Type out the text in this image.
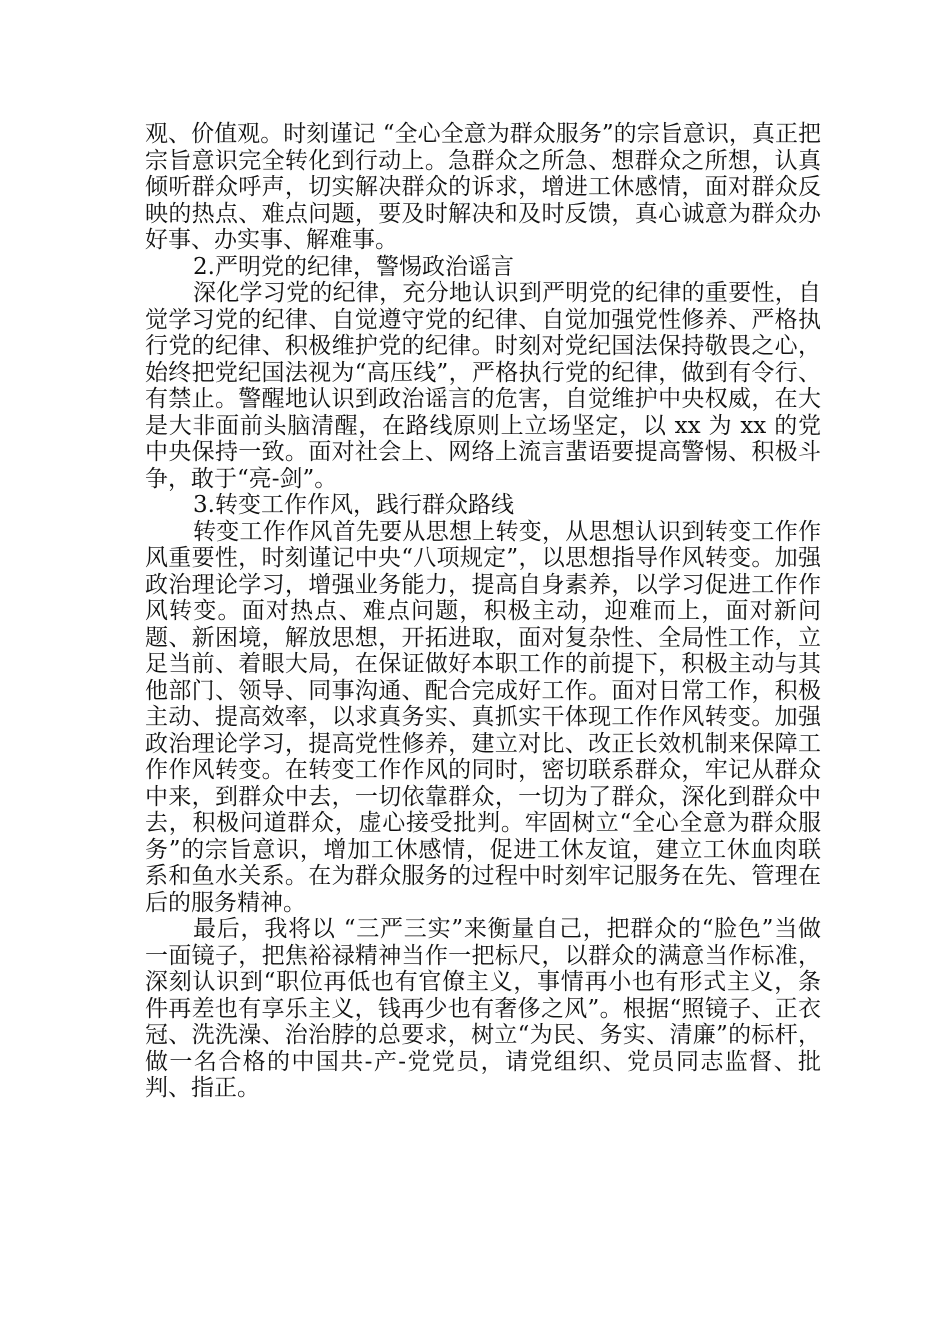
观、价值观。时刻谨记 “全心全意为群众服务”的宗旨意识，真正把宗旨意识完全转化到行动上。急群众之所急、想群众之所想，认真倾听群众呼声，切实解决群众的诉求，增进工休感情，面对群众反映的热点、难点问题，要及时解决和及时反馈，真心诚意为群众办好事、办实事、解难事。

2.严明党的纪律，警惕政治谣言

深化学习党的纪律，充分地认识到严明党的纪律的重要性，自觉学习党的纪律、自觉遵守党的纪律、自觉加强党性修养、严格执行党的纪律、积极维护党的纪律。时刻对党纪国法保持敬畏之心，始终把党纪国法视为“高压线”，严格执行党的纪律，做到有令行、有禁止。警醒地认识到政治谣言的危害，自觉维护中央权威，在大是大非面前头脑清醒，在路线原则上立场坚定，以 xx 为 xx 的党中央保持一致。面对社会上、网络上流言蜚语要提高警惕、积极斗争，敢于“亮-剑”。

3.转变工作作风，践行群众路线

转变工作作风首先要从思想上转变，从思想认识到转变工作作风重要性，时刻谨记中央“八项规定”，以思想指导作风转变。加强政治理论学习，增强业务能力，提高自身素养，以学习促进工作作风转变。面对热点、难点问题，积极主动，迎难而上，面对新问题、新困境，解放思想，开拓进取，面对复杂性、全局性工作，立足当前、着眼大局，在保证做好本职工作的前提下，积极主动与其他部门、领导、同事沟通、配合完成好工作。面对日常工作，积极主动、提高效率，以求真务实、真抓实干体现工作作风转变。加强政治理论学习，提高党性修养，建立对比、改正长效机制来保障工作作风转变。在转变工作作风的同时，密切联系群众，牢记从群众中来，到群众中去，一切依靠群众，一切为了群众，深化到群众中去，积极问道群众，虚心接受批判。牢固树立“全心全意为群众服务”的宗旨意识，增加工休感情，促进工休友谊，建立工休血肉联系和鱼水关系。在为群众服务的过程中时刻牢记服务在先、管理在后的服务精神。

最后，我将以 “三严三实”来衡量自己，把群众的“脸色”当做一面镜子，把焦裕禄精神当作一把标尺，以群众的满意当作标准，深刻认识到“职位再低也有官僚主义，事情再小也有形式主义，条件再差也有享乐主义，钱再少也有奢侈之风”。根据“照镜子、正衣冠、洗洗澡、治治脖的总要求，树立“为民、务实、清廉”的标杆，做一名合格的中国共-产-党党员，请党组织、党员同志监督、批判、指正。
